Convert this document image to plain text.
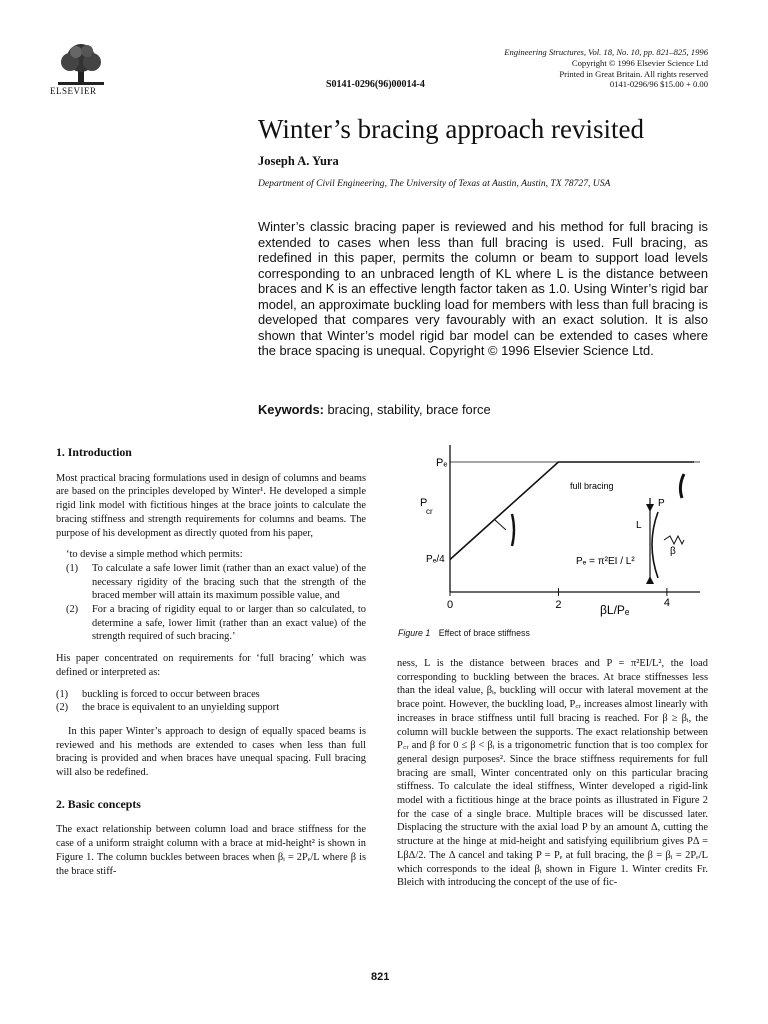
ELSEVIER
S0141-0296(96)00014-4
Engineering Structures, Vol. 18, No. 10, pp. 821–825, 1996
Copyright © 1996 Elsevier Science Ltd
Printed in Great Britain. All rights reserved
0141-0296/96 $15.00 + 0.00
Winter’s bracing approach revisited
Joseph A. Yura
Department of Civil Engineering, The University of Texas at Austin, Austin, TX 78727, USA
Winter’s classic bracing paper is reviewed and his method for full bracing is extended to cases when less than full bracing is used. Full bracing, as redefined in this paper, permits the column or beam to support load levels corresponding to an unbraced length of KL where L is the distance between braces and K is an effective length factor taken as 1.0. Using Winter’s rigid bar model, an approximate buckling load for members with less than full bracing is developed that compares very favourably with an exact solution. It is also shown that Winter’s model rigid bar model can be extended to cases where the brace spacing is unequal. Copyright © 1996 Elsevier Science Ltd.
Keywords: bracing, stability, brace force
1. Introduction

Most practical bracing formulations used in design of columns and beams are based on the principles developed by Winter¹. He developed a simple rigid link model with fictitious hinges at the brace joints to calculate the bracing stiffness and strength requirements for columns and beams. The purpose of his development as directly quoted from his paper,

‘to devise a simple method which permits:

(1) To calculate a safe lower limit (rather than an exact value) of the necessary rigidity of the bracing such that the strength of the braced member will attain its maximum possible value, and
(2) For a bracing of rigidity equal to or larger than so calculated, to determine a safe, lower limit (rather than an exact value) of the strength required of such bracing.’

His paper concentrated on requirements for ‘full bracing’ which was defined or interpreted as:

(1) buckling is forced to occur between braces
(2) the brace is equivalent to an unyielding support

In this paper Winter’s approach to design of equally spaced beams is reviewed and his methods are extended to cases when less than full bracing is provided and when braces have unequal spacing. Full bracing will also be redefined.

2. Basic concepts

The exact relationship between column load and brace stiffness for the case of a uniform straight column with a brace at mid-height² is shown in Figure 1. The column buckles between braces when βᵢ = 2Pₑ/L where β is the brace stiff-

Pₑ
P
cr
Pₑ/4
0	2	4
βL/Pₑ
full bracing
Pₑ = π²EI / L²
P
L
β
Figure 1 Effect of brace stiffness

ness, L is the distance between braces and P = π²EI/L², the load corresponding to buckling between the braces. At brace stiffnesses less than the ideal value, βᵢ, buckling will occur with lateral movement at the brace point. However, the buckling load, P꜀ᵣ increases almost linearly with increases in brace stiffness until full bracing is reached. For β ≥ βᵢ, the column will buckle between the supports. The exact relationship between P꜀ᵣ and β for 0 ≤ β < βᵢ is a trigonometric function that is too complex for general design purposes². Since the brace stiffness requirements for full bracing are small, Winter concentrated only on this particular bracing stiffness. To calculate the ideal stiffness, Winter developed a rigid-link model with a fictitious hinge at the brace points as illustrated in Figure 2 for the case of a single brace. Multiple braces will be discussed later. Displacing the structure with the axial load P by an amount Δ, cutting the structure at the hinge at mid-height and satisfying equilibrium gives PΔ = LβΔ/2. The Δ cancel and taking P = Pₑ at full bracing, the β = βᵢ = 2Pₑ/L which corresponds to the ideal βᵢ shown in Figure 1. Winter credits Fr. Bleich with introducing the concept of the use of fic-

821
